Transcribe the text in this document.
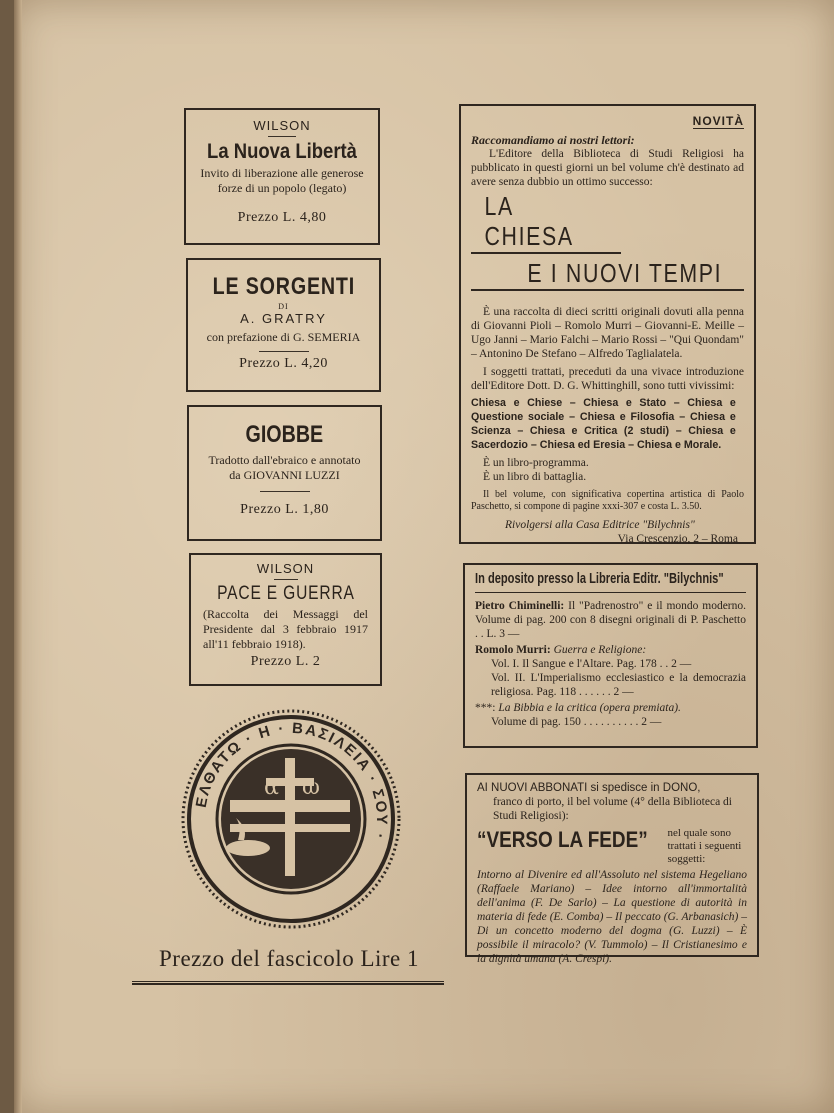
WILSON
La Nuova Libertà
Invito di liberazione alle generose forze di un popolo (legato)
Prezzo L. 4,80
LE SORGENTI
DI
A. GRATRY
con prefazione di G. SEMERIA
Prezzo L. 4,20
GIOBBE
Tradotto dall'ebraico e annotato
da GIOVANNI LUZZI
Prezzo L. 1,80
WILSON
PACE E GUERRA
(Raccolta dei Messaggi del Presidente dal 3 febbraio 1917 all'11 febbraio 1918).
Prezzo L. 2
ΕΛΘΑΤΩ · Η · ΒΑΣΙΛΕΙΑ · ΣΟΥ ·
α ω
Prezzo del fascicolo Lire 1
NOVITÀ
Raccomandiamo ai nostri lettori:
L'Editore della Biblioteca di Studi Religiosi ha pubblicato in questi giorni un bel volume ch'è destinato ad avere senza dubbio un ottimo successo:
LA CHIESA
E I NUOVI TEMPI
È una raccolta di dieci scritti originali dovuti alla penna di Giovanni Pioli – Romolo Murri – Giovanni-E. Meille – Ugo Janni – Mario Falchi – Mario Rossi – "Qui Quondam" – Antonino De Stefano – Alfredo Taglialatela.
I soggetti trattati, preceduti da una vivace introduzione dell'Editore Dott. D. G. Whittinghill, sono tutti vivissimi:
Chiesa e Chiese – Chiesa e Stato – Chiesa e Questione sociale – Chiesa e Filosofia – Chiesa e Scienza – Chiesa e Critica (2 studi) – Chiesa e Sacerdozio – Chiesa ed Eresia – Chiesa e Morale.
È un libro-programma.
È un libro di battaglia.
Il bel volume, con significativa copertina artistica di Paolo Paschetto, si compone di pagine xxxi-307 e costa L. 3.50.
Rivolgersi alla Casa Editrice "Bilychnis"
Via Crescenzio, 2 – Roma
In deposito presso la Libreria Editr. "Bilychnis"
Pietro Chiminelli: Il "Padrenostro" e il mondo moderno. Volume di pag. 200 con 8 disegni originali di P. Paschetto . . L. 3 —
Romolo Murri: Guerra e Religione:
Vol. I. Il Sangue e l'Altare. Pag. 178 . . 2 —
Vol. II. L'Imperialismo ecclesiastico e la democrazia religiosa. Pag. 118 . . . . . . 2 —
***: La Bibbia e la critica (opera premiata).
Volume di pag. 150 . . . . . . . . . . 2 —
AI NUOVI ABBONATI si spedisce in DONO,
franco di porto, il bel volume (4° della Biblioteca di Studi Religiosi):
“VERSO LA FEDE”	nel quale sono trattati i seguenti soggetti:
Intorno al Divenire ed all'Assoluto nel sistema Hegeliano (Raffaele Mariano) – Idee intorno all'immortalità dell'anima (F. De Sarlo) – La questione di autorità in materia di fede (E. Comba) – Il peccato (G. Arbanasich) – Di un concetto moderno del dogma (G. Luzzi) – È possibile il miracolo? (V. Tummolo) – Il Cristianesimo e la dignità umana (A. Crespi).
